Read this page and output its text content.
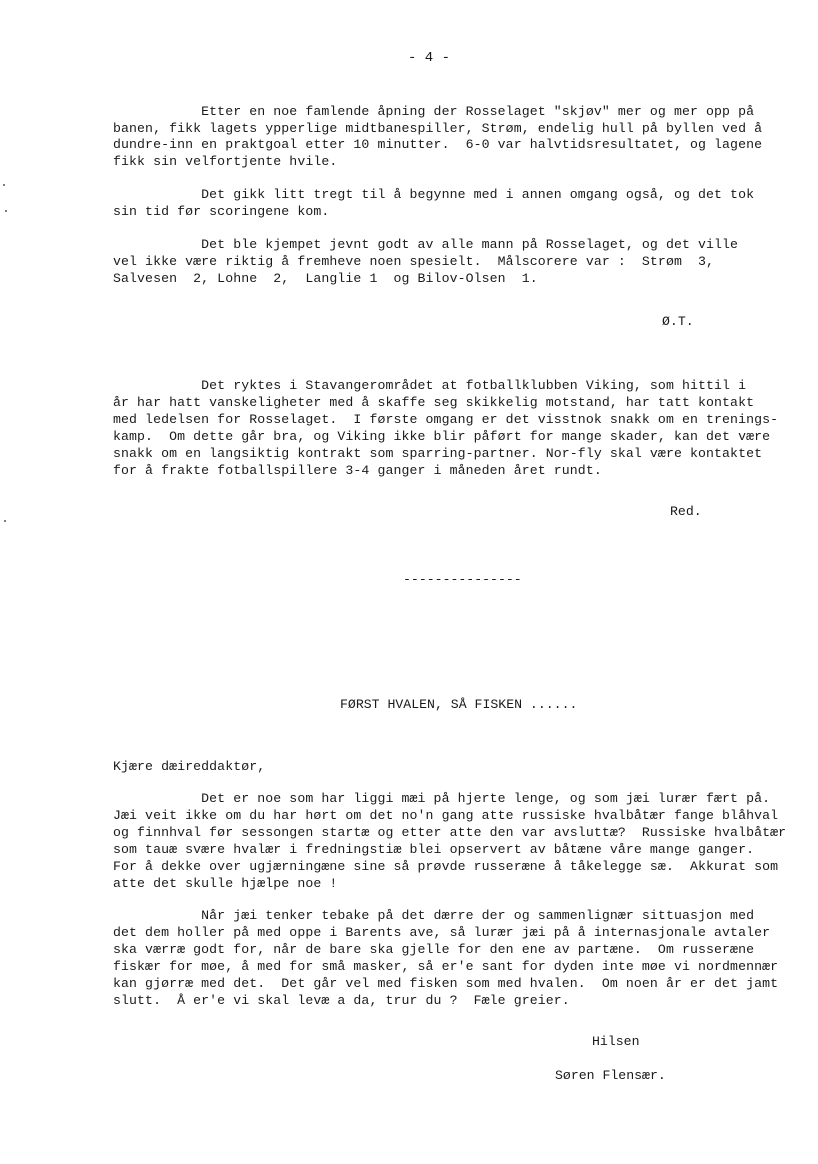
- 4 -
Etter en noe famlende åpning der Rosselaget "skjøv" mer og mer opp på
banen, fikk lagets ypperlige midtbanespiller, Strøm, endelig hull på byllen ved å
dundre-inn en praktgoal etter 10 minutter.  6-0 var halvtidsresultatet, og lagene
fikk sin velfortjente hvile.
Det gikk litt tregt til å begynne med i annen omgang også, og det tok
sin tid før scoringene kom.
Det ble kjempet jevnt godt av alle mann på Rosselaget, og det ville
vel ikke være riktig å fremheve noen spesielt.  Målscorere var :  Strøm  3,
Salvesen  2, Lohne  2,  Langlie 1  og Bilov-Olsen  1.
Ø.T.
Det ryktes i Stavangerområdet at fotballklubben Viking, som hittil i
år har hatt vanskeligheter med å skaffe seg skikkelig motstand, har tatt kontakt
med ledelsen for Rosselaget.  I første omgang er det visstnok snakk om en trenings-
kamp.  Om dette går bra, og Viking ikke blir påført for mange skader, kan det være
snakk om en langsiktig kontrakt som sparring-partner. Nor-fly skal være kontaktet
for å frakte fotballspillere 3-4 ganger i måneden året rundt.
Red.
---------------
FØRST HVALEN, SÅ FISKEN ......
Kjære dæireddaktør,
Det er noe som har liggi mæi på hjerte lenge, og som jæi lurær fært på.
Jæi veit ikke om du har hørt om det no'n gang atte russiske hvalbåtær fange blåhval
og finnhval før sessongen startæ og etter atte den var avsluttæ?  Russiske hvalbåtær
som tauæ svære hvalær i fredningstiæ blei opservert av båtæne våre mange ganger.
For å dekke over ugjærningæne sine så prøvde russeræne å tåkelegge sæ.  Akkurat som
atte det skulle hjælpe noe !
Når jæi tenker tebake på det dærre der og sammenlignær sittuasjon med
det dem holler på med oppe i Barents ave, så lurær jæi på å internasjonale avtaler
ska værræ godt for, når de bare ska gjelle for den ene av partæne.  Om russeræne
fiskær for møe, å med for små masker, så er'e sant for dyden inte møe vi nordmennær
kan gjørræ med det.  Det går vel med fisken som med hvalen.  Om noen år er det jamt
slutt.  Å er'e vi skal levæ a da, trur du ?  Fæle greier.
Hilsen
Søren Flensær.
